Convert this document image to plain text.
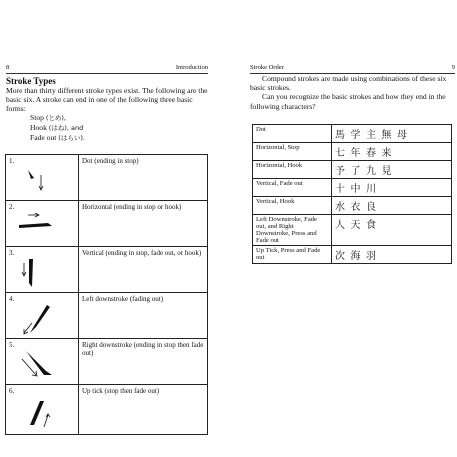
8	Introduction
Stroke Types
More than thirty different stroke types exist. The following are the basic six. A stroke can end in one of the following three basic forms:
Stop (とめ),
Hook (はね), and
Fade out (はらい).
1.	Dot (ending in stop)
2.	Horizontal (ending in stop or hook)
3.	Vertical (ending in stop, fade out, or hook)
4.	Left downstroke (fading out)
5.	Right downstroke (ending in stop then fade out)
6.	Up tick (stop then fade out)
Stroke Order	9

Compound strokes are made using combinations of these six basic strokes.

Can you recognize the basic strokes and how they end in the following characters?

Dot	馬 学 主 無 母
Horizontal, Stop	七 年 春 来
Horizontal, Hook	予 了 九 見
Vertical, Fade out	十 中 川
Vertical, Hook	水 衣 良
Left Downstroke, Fade out, and Right Downstroke, Press and Fade out	人 天 食
Up Tick, Press and Fade out	次 海 羽
